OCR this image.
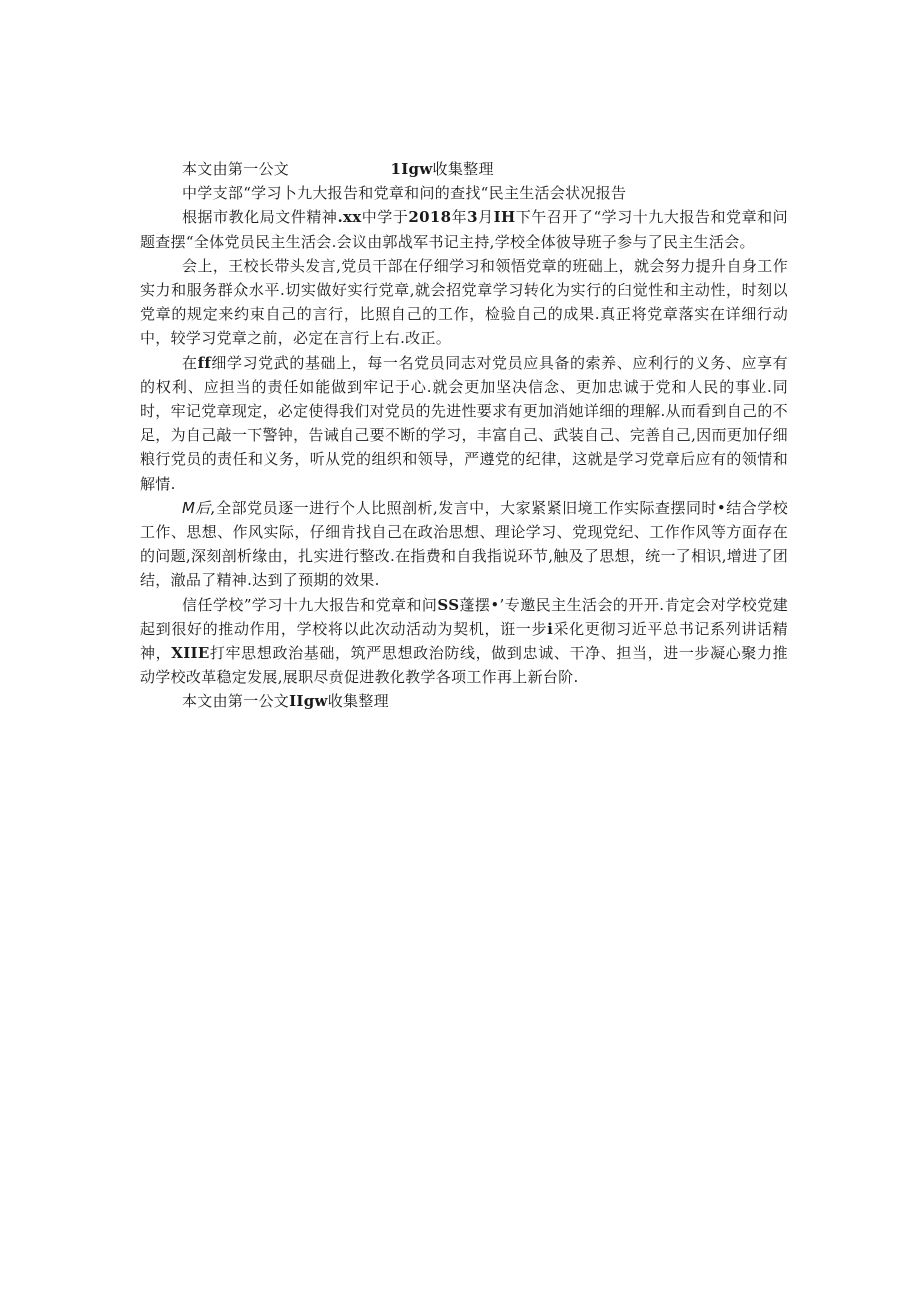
本文由第一公文	1Igw收集整理
中学支部“学习卜九大报告和党章和问的查找“民主生活会状况报告

根据市教化局文件精神.xx中学于2018年3月IH下午召开了“学习十九大报告和党章和问题查摆“全体党员民主生活会.会议由郭战军书记主持,学校全体彼导班子参与了民主生活会。

会上，王校长带头发言,党员干部在仔细学习和领悟党章的班础上，就会努力提升自身工作实力和服务群众水平.切实做好实行党章,就会招党章学习转化为实行的臼觉性和主动性，时刻以党章的规定来约束自己的言行，比照自己的工作，检验自己的成果.真正将党章落实在详细行动中，较学习党章之前，必定在言行上右.改正。

在ff细学习党武的基础上，每一名党员同志对党员应具备的索养、应利行的义务、应享有的权利、应担当的责任如能做到牢记于心.就会更加坚决信念、更加忠诚于党和人民的事业.同时，牢记党章现定，必定使得我们对党员的先进性要求有更加消她详细的理解.从而看到自己的不足，为自己敲一下警钟，告诫自己要不断的学习，丰富自己、武装自己、完善自己,因而更加仔细粮行党员的责任和义务，听从党的组织和领导，严遵党的纪律，这就是学习党章后应有的领情和解情.

M后,全部党员逐一进行个人比照剖析,发言中，大家紧紧旧境工作实际查摆同时•结合学校工作、思想、作风实际，仔细肯找自己在政治思想、理论学习、党现党纪、工作作风等方面存在的问题,深刻剖析缘由，扎实进行整改.在指费和自我指说环节,触及了思想，统一了相识,增进了团结，澈品了精神.达到了预期的效果.

信任学校”学习十九大报告和党章和问SS蓬摆•’专邀民主生活会的开开.肯定会对学校党建起到很好的推动作用，学校将以此次动活动为契机，诳一步i采化更彻习近平总书记系列讲话精神，XIIE打牢思想政治基础，筑严思想政治防线，做到忠诚、干净、担当，进一步凝心聚力推动学校改革稳定发展,展职尽贲促进教化教学各项工作再上新台阶.

本文由第一公文IIgw收集整理
